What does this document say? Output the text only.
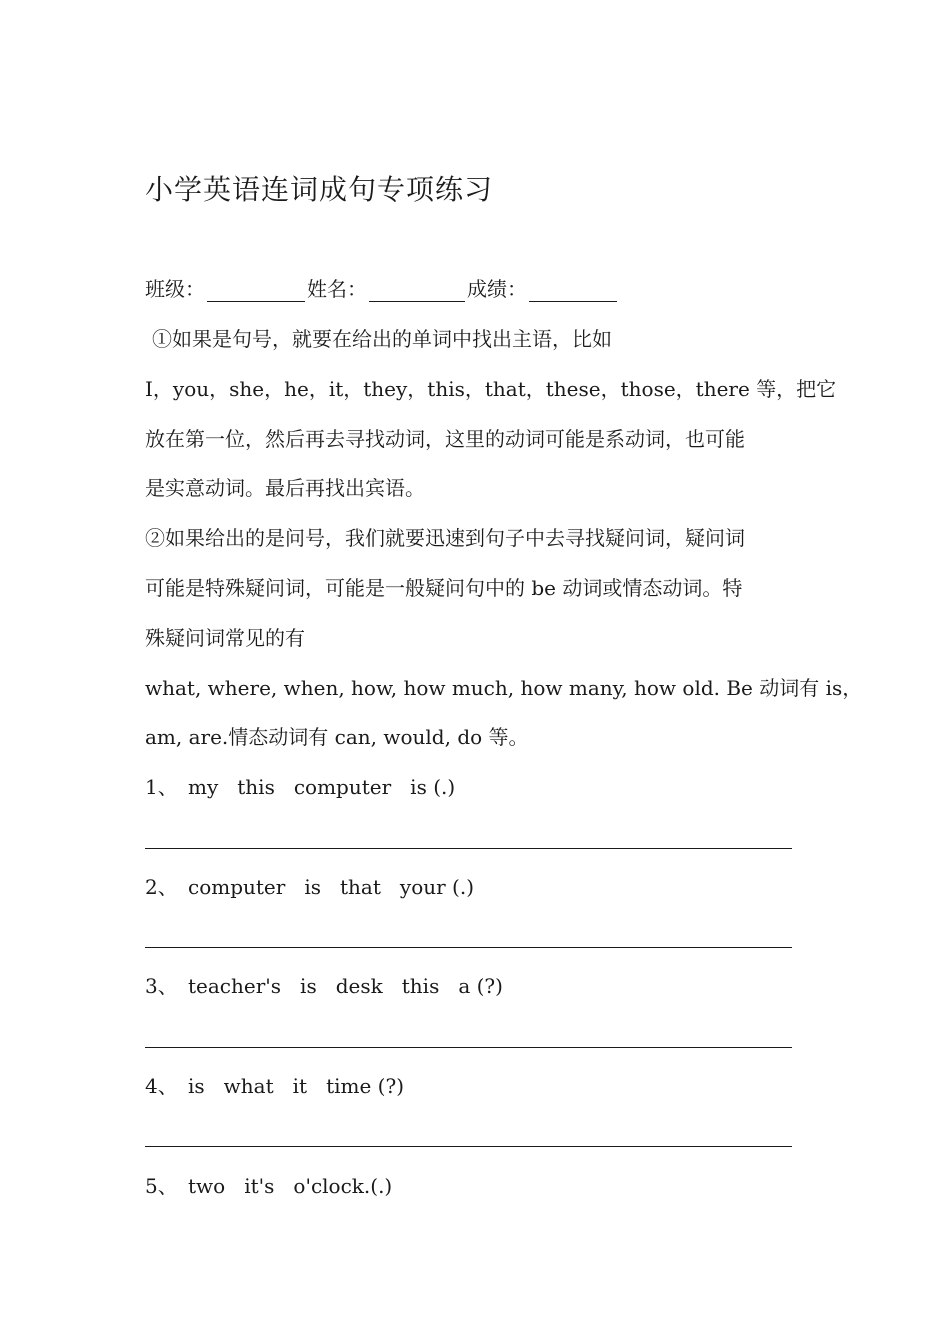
小学英语连词成句专项练习
班级：	姓名：	成绩：
①如果是句号，就要在给出的单词中找出主语，比如
I，you，she，he，it，they，this，that，these，those，there 等，把它
放在第一位，然后再去寻找动词，这里的动词可能是系动词，也可能
是实意动词。最后再找出宾语。
②如果给出的是问号，我们就要迅速到句子中去寻找疑问词，疑问词
可能是特殊疑问词，可能是一般疑问句中的 be 动词或情态动词。特
殊疑问词常见的有
what, where, when, how, how much, how many, how old. Be 动词有 is，
am, are.情态动词有 can, would, do 等。
1、 my this computer is (.)
2、 computer is that your (.)
3、 teacher's is desk this a (?)
4、 is what it time (?)
5、 two it's o'clock.(.)
